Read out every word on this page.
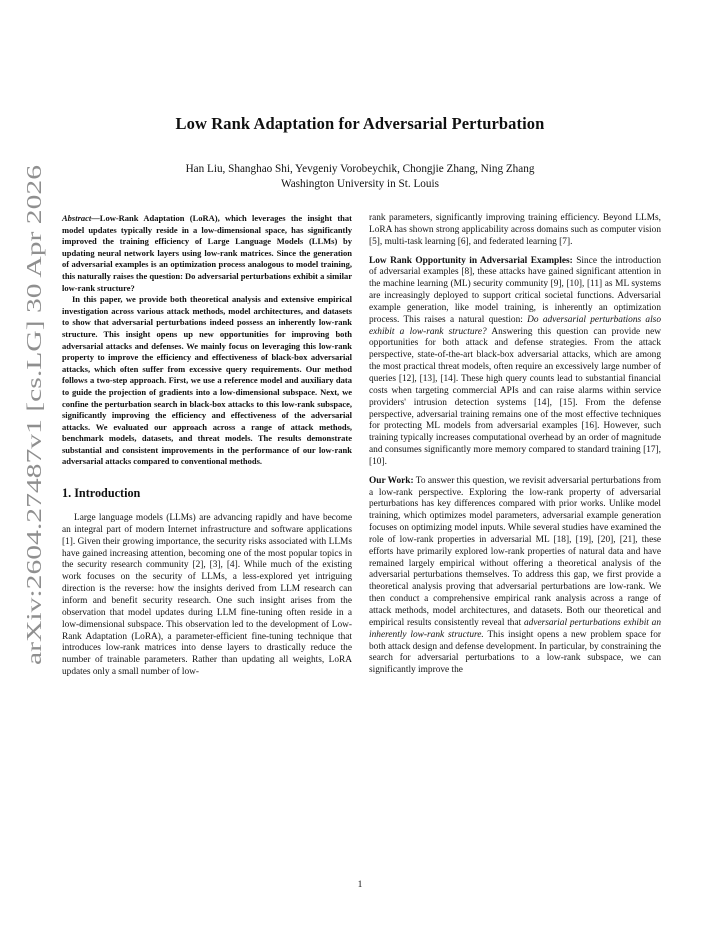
arXiv:2604.27487v1 [cs.LG] 30 Apr 2026
Low Rank Adaptation for Adversarial Perturbation
Han Liu, Shanghao Shi, Yevgeniy Vorobeychik, Chongjie Zhang, Ning Zhang
Washington University in St. Louis

Abstract—Low-Rank Adaptation (LoRA), which leverages the insight that model updates typically reside in a low-dimensional space, has significantly improved the training efficiency of Large Language Models (LLMs) by updating neural network layers using low-rank matrices. Since the generation of adversarial examples is an optimization process analogous to model training, this naturally raises the question: Do adversarial perturbations exhibit a similar low-rank structure?

In this paper, we provide both theoretical analysis and extensive empirical investigation across various attack methods, model architectures, and datasets to show that adversarial perturbations indeed possess an inherently low-rank structure. This insight opens up new opportunities for improving both adversarial attacks and defenses. We mainly focus on leveraging this low-rank property to improve the efficiency and effectiveness of black-box adversarial attacks, which often suffer from excessive query requirements. Our method follows a two-step approach. First, we use a reference model and auxiliary data to guide the projection of gradients into a low-dimensional subspace. Next, we confine the perturbation search in black-box attacks to this low-rank subspace, significantly improving the efficiency and effectiveness of the adversarial attacks. We evaluated our approach across a range of attack methods, benchmark models, datasets, and threat models. The results demonstrate substantial and consistent improvements in the performance of our low-rank adversarial attacks compared to conventional methods.

1. Introduction

Large language models (LLMs) are advancing rapidly and have become an integral part of modern Internet infrastructure and software applications [1]. Given their growing importance, the security risks associated with LLMs have gained increasing attention, becoming one of the most popular topics in the security research community [2], [3], [4]. While much of the existing work focuses on the security of LLMs, a less-explored yet intriguing direction is the reverse: how the insights derived from LLM research can inform and benefit security research. One such insight arises from the observation that model updates during LLM fine-tuning often reside in a low-dimensional subspace. This observation led to the development of Low-Rank Adaptation (LoRA), a parameter-efficient fine-tuning technique that introduces low-rank matrices into dense layers to drastically reduce the number of trainable parameters. Rather than updating all weights, LoRA updates only a small number of low-

rank parameters, significantly improving training efficiency. Beyond LLMs, LoRA has shown strong applicability across domains such as computer vision [5], multi-task learning [6], and federated learning [7].

Low Rank Opportunity in Adversarial Examples: Since the introduction of adversarial examples [8], these attacks have gained significant attention in the machine learning (ML) security community [9], [10], [11] as ML systems are increasingly deployed to support critical societal functions. Adversarial example generation, like model training, is inherently an optimization process. This raises a natural question: Do adversarial perturbations also exhibit a low-rank structure? Answering this question can provide new opportunities for both attack and defense strategies. From the attack perspective, state-of-the-art black-box adversarial attacks, which are among the most practical threat models, often require an excessively large number of queries [12], [13], [14]. These high query counts lead to substantial financial costs when targeting commercial APIs and can raise alarms within service providers' intrusion detection systems [14], [15]. From the defense perspective, adversarial training remains one of the most effective techniques for protecting ML models from adversarial examples [16]. However, such training typically increases computational overhead by an order of magnitude and consumes significantly more memory compared to standard training [17], [10].

Our Work: To answer this question, we revisit adversarial perturbations from a low-rank perspective. Exploring the low-rank property of adversarial perturbations has key differences compared with prior works. Unlike model training, which optimizes model parameters, adversarial example generation focuses on optimizing model inputs. While several studies have examined the role of low-rank properties in adversarial ML [18], [19], [20], [21], these efforts have primarily explored low-rank properties of natural data and have remained largely empirical without offering a theoretical analysis of the adversarial perturbations themselves. To address this gap, we first provide a theoretical analysis proving that adversarial perturbations are low-rank. We then conduct a comprehensive empirical rank analysis across a range of attack methods, model architectures, and datasets. Both our theoretical and empirical results consistently reveal that adversarial perturbations exhibit an inherently low-rank structure. This insight opens a new problem space for both attack design and defense development. In particular, by constraining the search for adversarial perturbations to a low-rank subspace, we can significantly improve the

1
